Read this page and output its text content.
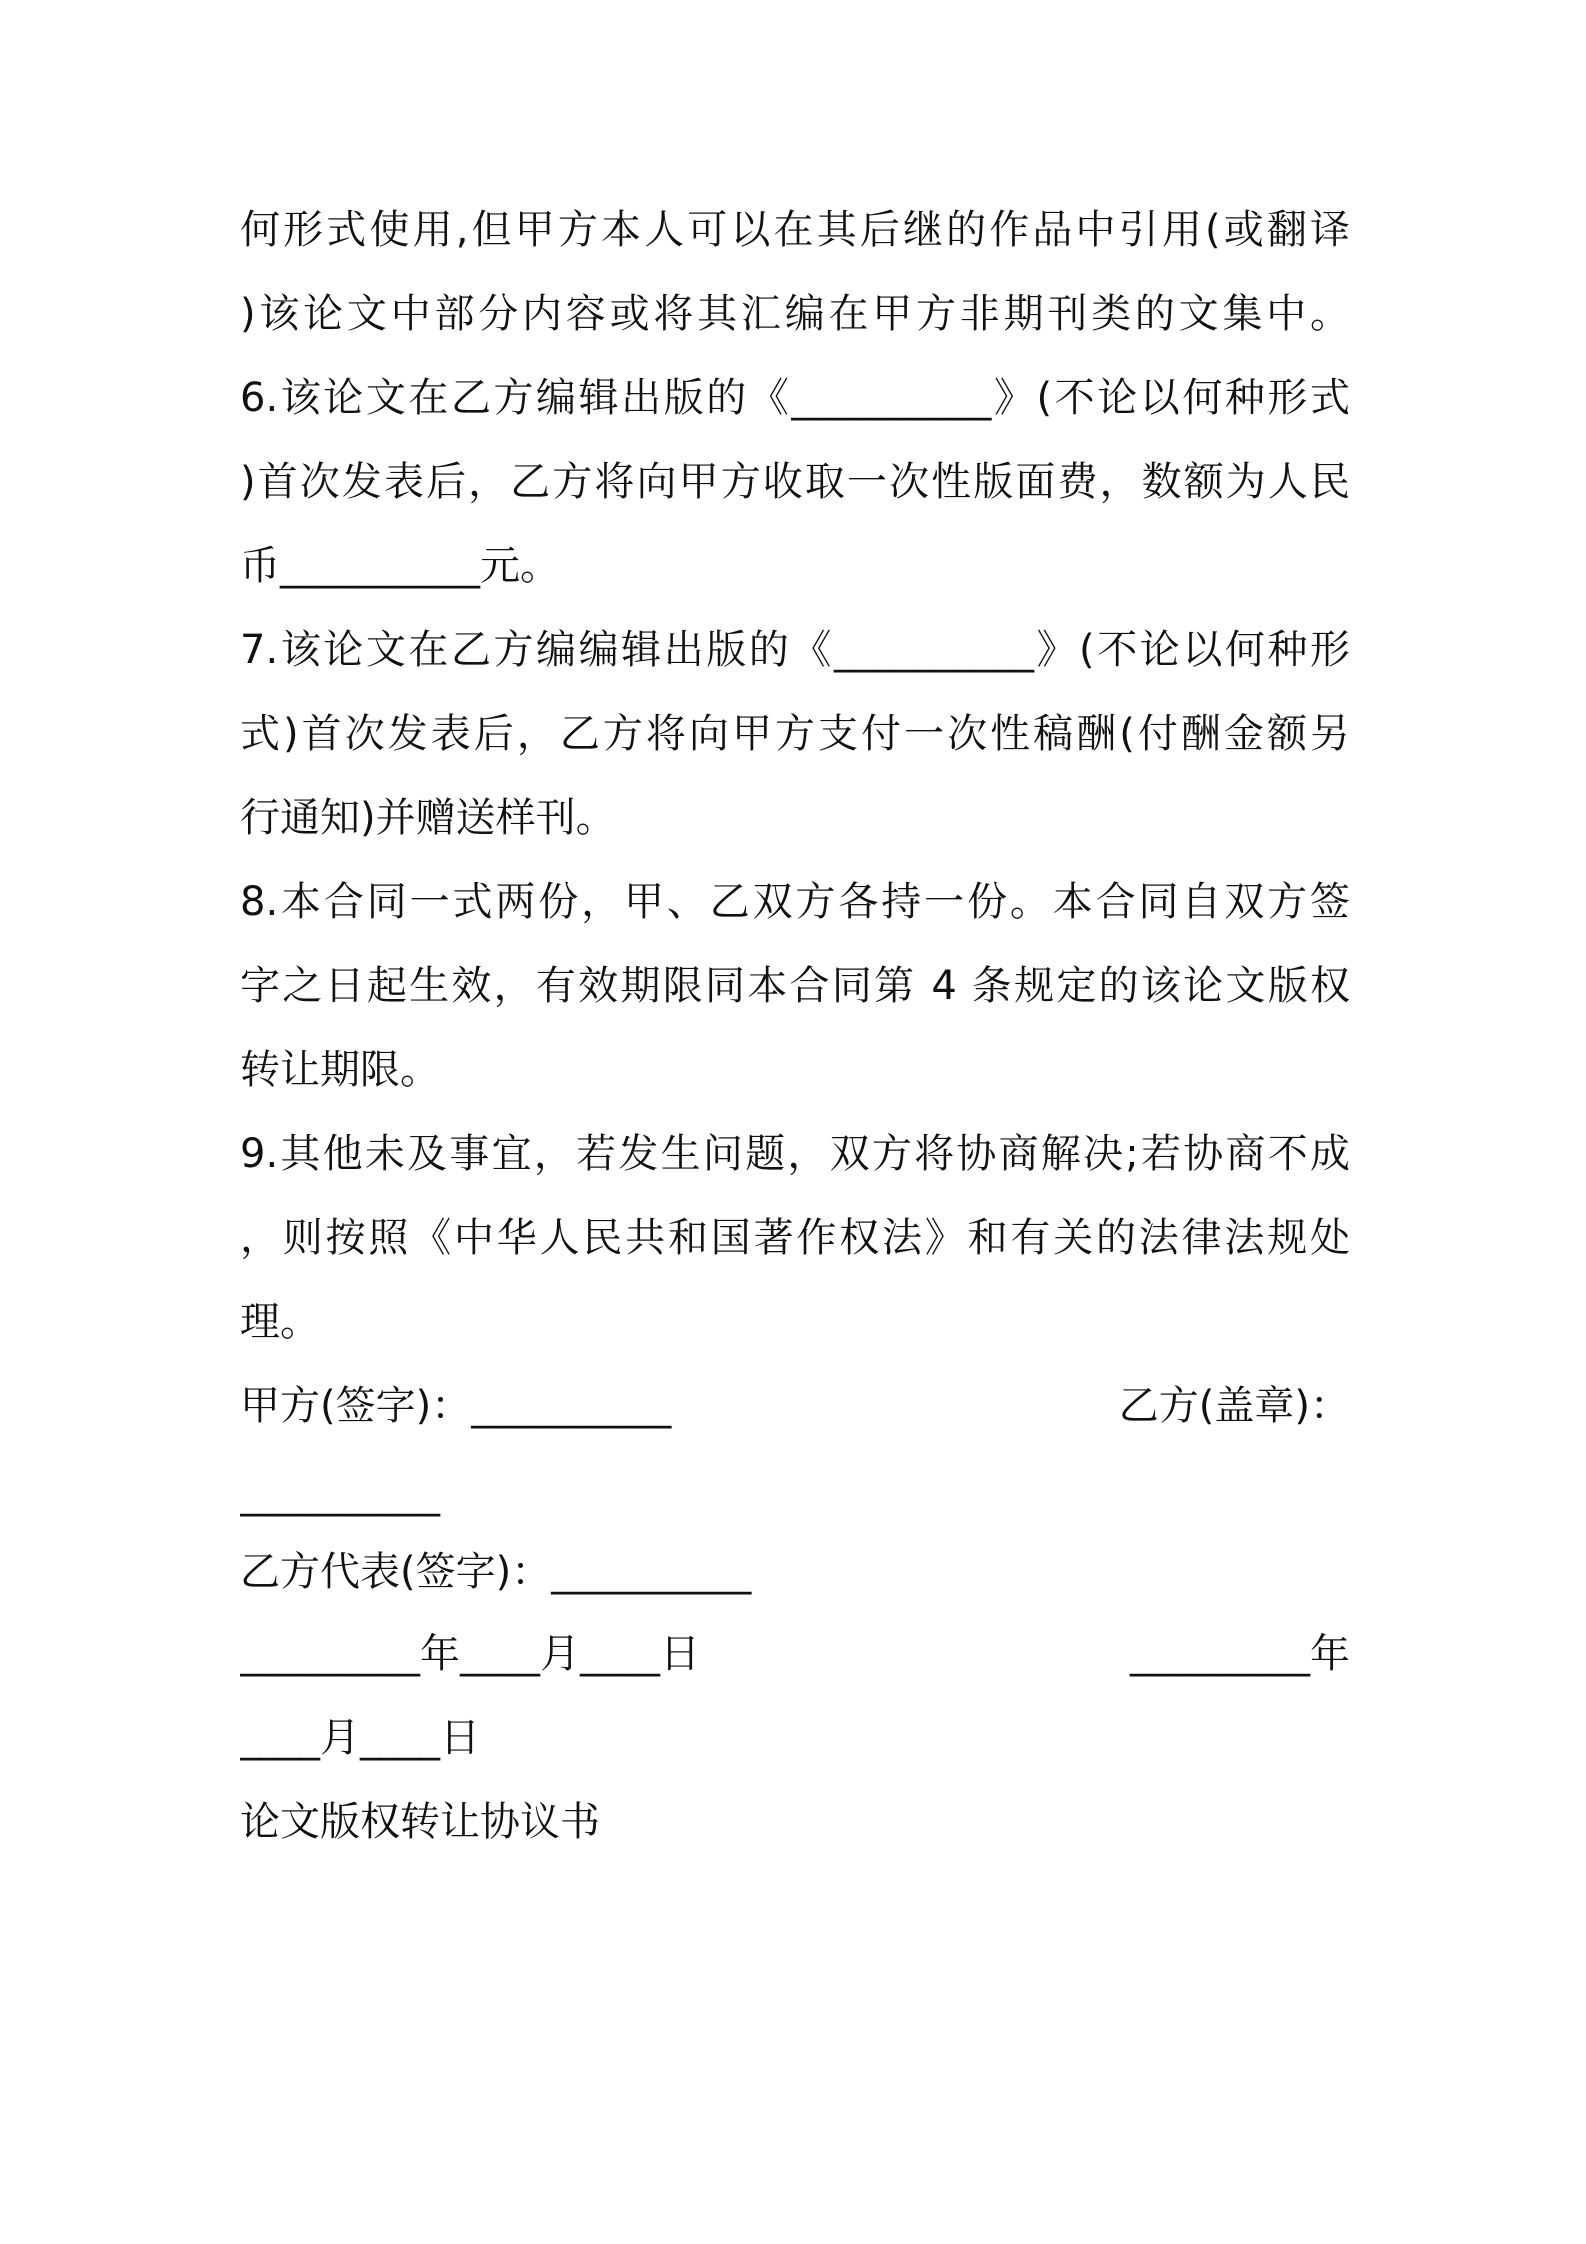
何形式使用,但甲方本人可以在其后继的作品中引用(或翻译
)该论文中部分内容或将其汇编在甲方非期刊类的文集中。
6.该论文在乙方编辑出版的《__________》(不论以何种形式
)首次发表后，乙方将向甲方收取一次性版面费，数额为人民
币__________元。
7.该论文在乙方编编辑出版的《__________》(不论以何种形
式)首次发表后，乙方将向甲方支付一次性稿酬(付酬金额另
行通知)并赠送样刊。
8.本合同一式两份，甲、乙双方各持一份。本合同自双方签
字之日起生效，有效期限同本合同第 4 条规定的该论文版权
转让期限。
9.其他未及事宜，若发生问题，双方将协商解决;若协商不成
，则按照《中华人民共和国著作权法》和有关的法律法规处
理。
甲方(签字)：__________	乙方(盖章)：
__________
乙方代表(签字)：__________
_________年____月____日	_________年
____月____日
论文版权转让协议书
